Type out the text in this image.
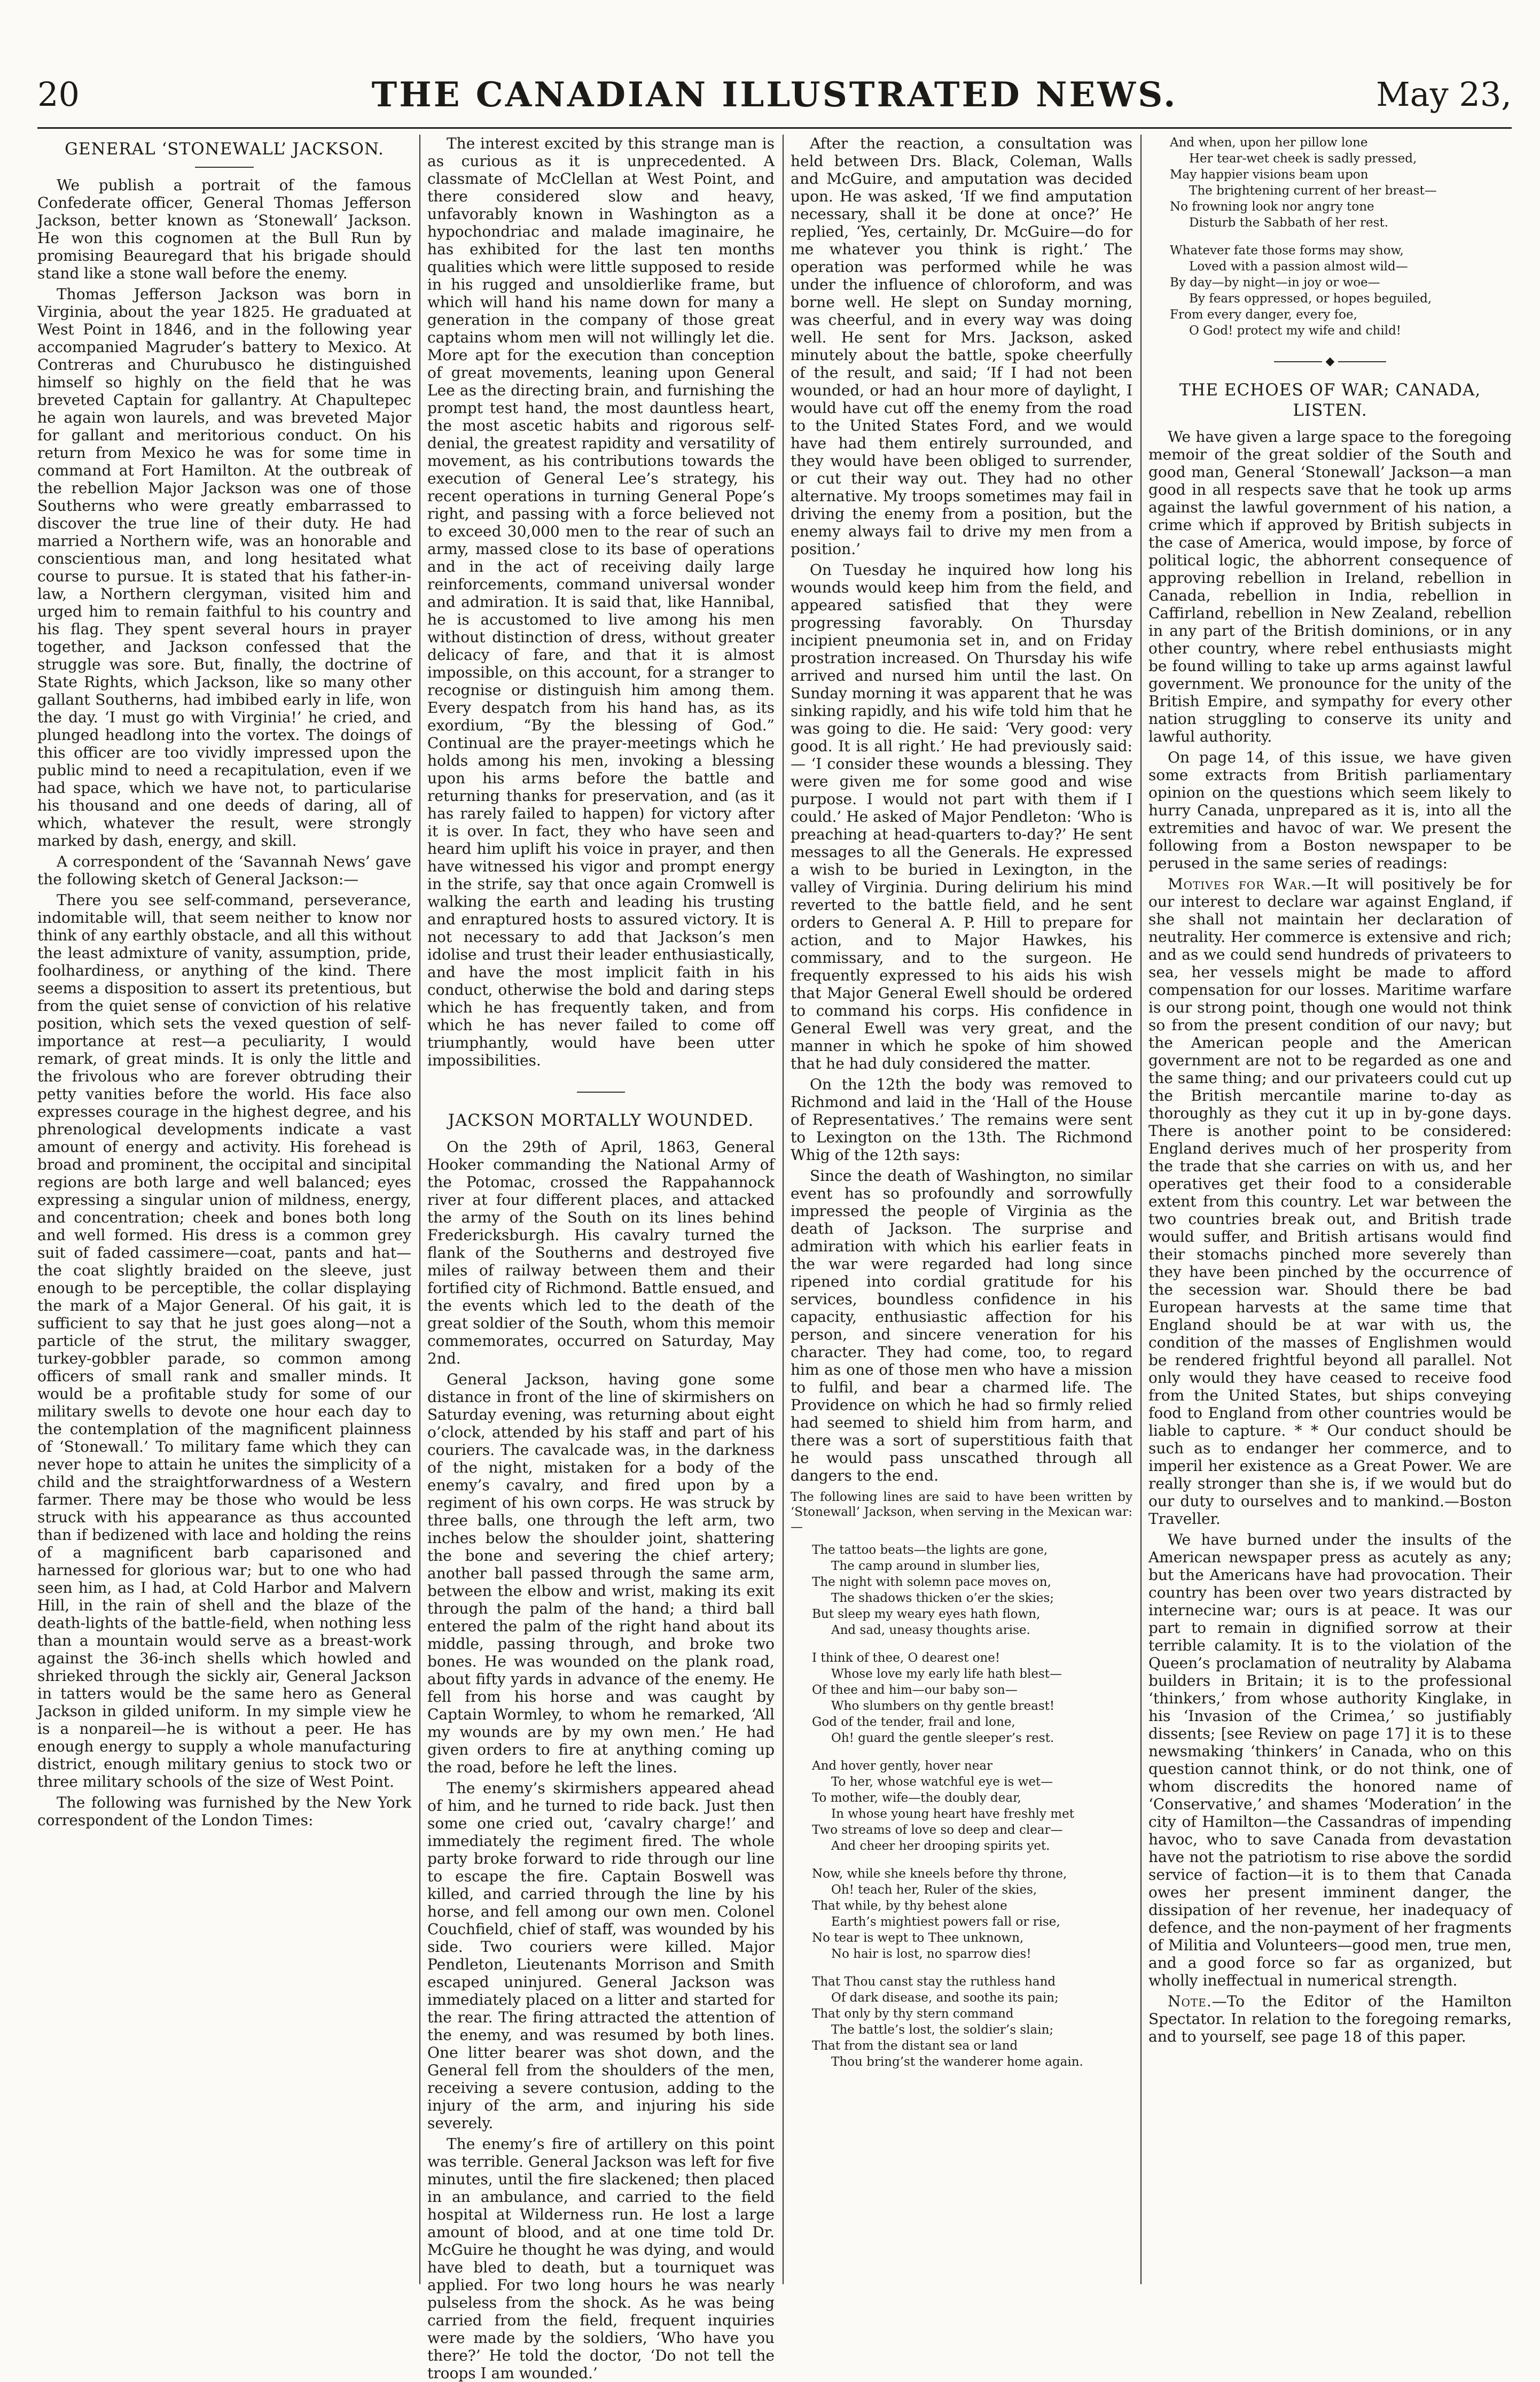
20	THE CANADIAN ILLUSTRATED NEWS.	May 23,
GENERAL ‘STONEWALL’ JACKSON.

We publish a portrait of the famous Confederate officer, General Thomas Jefferson Jackson, better known as ‘Stonewall’ Jackson. He won this cognomen at the Bull Run by promising Beauregard that his brigade should stand like a stone wall before the enemy.

Thomas Jefferson Jackson was born in Virginia, about the year 1825. He graduated at West Point in 1846, and in the following year accompanied Magruder’s battery to Mexico. At Contreras and Churubusco he distinguished himself so highly on the field that he was breveted Captain for gallantry. At Chapultepec he again won laurels, and was breveted Major for gallant and meritorious conduct. On his return from Mexico he was for some time in command at Fort Hamilton. At the outbreak of the rebellion Major Jackson was one of those Southerns who were greatly embarrassed to discover the true line of their duty. He had married a Northern wife, was an honorable and conscientious man, and long hesitated what course to pursue. It is stated that his father-in-law, a Northern clergyman, visited him and urged him to remain faithful to his country and his flag. They spent several hours in prayer together, and Jackson confessed that the struggle was sore. But, finally, the doctrine of State Rights, which Jackson, like so many other gallant Southerns, had imbibed early in life, won the day. ‘I must go with Virginia!’ he cried, and plunged headlong into the vortex. The doings of this officer are too vividly impressed upon the public mind to need a recapitulation, even if we had space, which we have not, to particularise his thousand and one deeds of daring, all of which, whatever the result, were strongly marked by dash, energy, and skill.

A correspondent of the ‘Savannah News’ gave the following sketch of General Jackson:—

There you see self-command, perseverance, indomitable will, that seem neither to know nor think of any earthly obstacle, and all this without the least admixture of vanity, assumption, pride, foolhardiness, or anything of the kind. There seems a disposition to assert its pretentious, but from the quiet sense of conviction of his relative position, which sets the vexed question of self-importance at rest—a peculiarity, I would remark, of great minds. It is only the little and the frivolous who are forever obtruding their petty vanities before the world. His face also expresses courage in the highest degree, and his phrenological developments indicate a vast amount of energy and activity. His forehead is broad and prominent, the occipital and sincipital regions are both large and well balanced; eyes expressing a singular union of mildness, energy, and concentration; cheek and bones both long and well formed. His dress is a common grey suit of faded cassimere—coat, pants and hat—the coat slightly braided on the sleeve, just enough to be perceptible, the collar displaying the mark of a Major General. Of his gait, it is sufficient to say that he just goes along—not a particle of the strut, the military swagger, turkey-gobbler parade, so common among officers of small rank and smaller minds. It would be a profitable study for some of our military swells to devote one hour each day to the contemplation of the magnificent plainness of ‘Stonewall.’ To military fame which they can never hope to attain he unites the simplicity of a child and the straightforwardness of a Western farmer. There may be those who would be less struck with his appearance as thus accounted than if bedizened with lace and holding the reins of a magnificent barb caparisoned and harnessed for glorious war; but to one who had seen him, as I had, at Cold Harbor and Malvern Hill, in the rain of shell and the blaze of the death-lights of the battle-field, when nothing less than a mountain would serve as a breast-work against the 36-inch shells which howled and shrieked through the sickly air, General Jackson in tatters would be the same hero as General Jackson in gilded uniform. In my simple view he is a nonpareil—he is without a peer. He has enough energy to supply a whole manufacturing district, enough military genius to stock two or three military schools of the size of West Point.

The following was furnished by the New York correspondent of the London Times:

The interest excited by this strange man is as curious as it is unprecedented. A classmate of McClellan at West Point, and there considered slow and heavy, unfavorably known in Washington as a hypochondriac and malade imaginaire, he has exhibited for the last ten months qualities which were little supposed to reside in his rugged and unsoldierlike frame, but which will hand his name down for many a generation in the company of those great captains whom men will not willingly let die. More apt for the execution than conception of great movements, leaning upon General Lee as the directing brain, and furnishing the prompt test hand, the most dauntless heart, the most ascetic habits and rigorous self-denial, the greatest rapidity and versatility of movement, as his contributions towards the execution of General Lee’s strategy, his recent operations in turning General Pope’s right, and passing with a force believed not to exceed 30,000 men to the rear of such an army, massed close to its base of operations and in the act of receiving daily large reinforcements, command universal wonder and admiration. It is said that, like Hannibal, he is accustomed to live among his men without distinction of dress, without greater delicacy of fare, and that it is almost impossible, on this account, for a stranger to recognise or distinguish him among them. Every despatch from his hand has, as its exordium, “By the blessing of God.” Continual are the prayer-meetings which he holds among his men, invoking a blessing upon his arms before the battle and returning thanks for preservation, and (as it has rarely failed to happen) for victory after it is over. In fact, they who have seen and heard him uplift his voice in prayer, and then have witnessed his vigor and prompt energy in the strife, say that once again Cromwell is walking the earth and leading his trusting and enraptured hosts to assured victory. It is not necessary to add that Jackson’s men idolise and trust their leader enthusiastically, and have the most implicit faith in his conduct, otherwise the bold and daring steps which he has frequently taken, and from which he has never failed to come off triumphantly, would have been utter impossibilities.

JACKSON MORTALLY WOUNDED.

On the 29th of April, 1863, General Hooker commanding the National Army of the Potomac, crossed the Rappahannock river at four different places, and attacked the army of the South on its lines behind Fredericksburgh. His cavalry turned the flank of the Southerns and destroyed five miles of railway between them and their fortified city of Richmond. Battle ensued, and the events which led to the death of the great soldier of the South, whom this memoir commemorates, occurred on Saturday, May 2nd.

General Jackson, having gone some distance in front of the line of skirmishers on Saturday evening, was returning about eight o’clock, attended by his staff and part of his couriers. The cavalcade was, in the darkness of the night, mistaken for a body of the enemy’s cavalry, and fired upon by a regiment of his own corps. He was struck by three balls, one through the left arm, two inches below the shoulder joint, shattering the bone and severing the chief artery; another ball passed through the same arm, between the elbow and wrist, making its exit through the palm of the hand; a third ball entered the palm of the right hand about its middle, passing through, and broke two bones. He was wounded on the plank road, about fifty yards in advance of the enemy. He fell from his horse and was caught by Captain Wormley, to whom he remarked, ‘All my wounds are by my own men.’ He had given orders to fire at anything coming up the road, before he left the lines.

The enemy’s skirmishers appeared ahead of him, and he turned to ride back. Just then some one cried out, ‘cavalry charge!’ and immediately the regiment fired. The whole party broke forward to ride through our line to escape the fire. Captain Boswell was killed, and carried through the line by his horse, and fell among our own men. Colonel Couchfield, chief of staff, was wounded by his side. Two couriers were killed. Major Pendleton, Lieutenants Morrison and Smith escaped uninjured. General Jackson was immediately placed on a litter and started for the rear. The firing attracted the attention of the enemy, and was resumed by both lines. One litter bearer was shot down, and the General fell from the shoulders of the men, receiving a severe contusion, adding to the injury of the arm, and injuring his side severely.

The enemy’s fire of artillery on this point was terrible. General Jackson was left for five minutes, until the fire slackened; then placed in an ambulance, and carried to the field hospital at Wilderness run. He lost a large amount of blood, and at one time told Dr. McGuire he thought he was dying, and would have bled to death, but a tourniquet was applied. For two long hours he was nearly pulseless from the shock. As he was being carried from the field, frequent inquiries were made by the soldiers, ‘Who have you there?’ He told the doctor, ‘Do not tell the troops I am wounded.’

After the reaction, a consultation was held between Drs. Black, Coleman, Walls and McGuire, and amputation was decided upon. He was asked, ‘If we find amputation necessary, shall it be done at once?’ He replied, ‘Yes, certainly, Dr. McGuire—do for me whatever you think is right.’ The operation was performed while he was under the influence of chloroform, and was borne well. He slept on Sunday morning, was cheerful, and in every way was doing well. He sent for Mrs. Jackson, asked minutely about the battle, spoke cheerfully of the result, and said; ‘If I had not been wounded, or had an hour more of daylight, I would have cut off the enemy from the road to the United States Ford, and we would have had them entirely surrounded, and they would have been obliged to surrender, or cut their way out. They had no other alternative. My troops sometimes may fail in driving the enemy from a position, but the enemy always fail to drive my men from a position.’

On Tuesday he inquired how long his wounds would keep him from the field, and appeared satisfied that they were progressing favorably. On Thursday incipient pneumonia set in, and on Friday prostration increased. On Thursday his wife arrived and nursed him until the last. On Sunday morning it was apparent that he was sinking rapidly, and his wife told him that he was going to die. He said: ‘Very good: very good. It is all right.’ He had previously said:— ‘I consider these wounds a blessing. They were given me for some good and wise purpose. I would not part with them if I could.’ He asked of Major Pendleton: ‘Who is preaching at head-quarters to-day?’ He sent messages to all the Generals. He expressed a wish to be buried in Lexington, in the valley of Virginia. During delirium his mind reverted to the battle field, and he sent orders to General A. P. Hill to prepare for action, and to Major Hawkes, his commissary, and to the surgeon. He frequently expressed to his aids his wish that Major General Ewell should be ordered to command his corps. His confidence in General Ewell was very great, and the manner in which he spoke of him showed that he had duly considered the matter.

On the 12th the body was removed to Richmond and laid in the ‘Hall of the House of Representatives.’ The remains were sent to Lexington on the 13th. The Richmond Whig of the 12th says:

Since the death of Washington, no similar event has so profoundly and sorrowfully impressed the people of Virginia as the death of Jackson. The surprise and admiration with which his earlier feats in the war were regarded had long since ripened into cordial gratitude for his services, boundless confidence in his capacity, enthusiastic affection for his person, and sincere veneration for his character. They had come, too, to regard him as one of those men who have a mission to fulfil, and bear a charmed life. The Providence on which he had so firmly relied had seemed to shield him from harm, and there was a sort of superstitious faith that he would pass unscathed through all dangers to the end.

The following lines are said to have been written by ‘Stonewall’ Jackson, when serving in the Mexican war:—

The tattoo beats—the lights are gone,
The camp around in slumber lies,
The night with solemn pace moves on,
The shadows thicken o’er the skies;
But sleep my weary eyes hath flown,
And sad, uneasy thoughts arise.
I think of thee, O dearest one!
Whose love my early life hath blest—
Of thee and him—our baby son—
Who slumbers on thy gentle breast!
God of the tender, frail and lone,
Oh! guard the gentle sleeper’s rest.
And hover gently, hover near
To her, whose watchful eye is wet—
To mother, wife—the doubly dear,
In whose young heart have freshly met
Two streams of love so deep and clear—
And cheer her drooping spirits yet.
Now, while she kneels before thy throne,
Oh! teach her, Ruler of the skies,
That while, by thy behest alone
Earth’s mightiest powers fall or rise,
No tear is wept to Thee unknown,
No hair is lost, no sparrow dies!
That Thou canst stay the ruthless hand
Of dark disease, and soothe its pain;
That only by thy stern command
The battle’s lost, the soldier’s slain;
That from the distant sea or land
Thou bring’st the wanderer home again.
And when, upon her pillow lone
Her tear-wet cheek is sadly pressed,
May happier visions beam upon
The brightening current of her breast—
No frowning look nor angry tone
Disturb the Sabbath of her rest.
Whatever fate those forms may show,
Loved with a passion almost wild—
By day—by night—in joy or woe—
By fears oppressed, or hopes beguiled,
From every danger, every foe,
O God! protect my wife and child!
◆
THE ECHOES OF WAR; CANADA, LISTEN.

We have given a large space to the foregoing memoir of the great soldier of the South and good man, General ‘Stonewall’ Jackson—a man good in all respects save that he took up arms against the lawful government of his nation, a crime which if approved by British subjects in the case of America, would impose, by force of political logic, the abhorrent consequence of approving rebellion in Ireland, rebellion in Canada, rebellion in India, rebellion in Caffirland, rebellion in New Zealand, rebellion in any part of the British dominions, or in any other country, where rebel enthusiasts might be found willing to take up arms against lawful government. We pronounce for the unity of the British Empire, and sympathy for every other nation struggling to conserve its unity and lawful authority.

On page 14, of this issue, we have given some extracts from British parliamentary opinion on the questions which seem likely to hurry Canada, unprepared as it is, into all the extremities and havoc of war. We present the following from a Boston newspaper to be perused in the same series of readings:

Motives for War.—It will positively be for our interest to declare war against England, if she shall not maintain her declaration of neutrality. Her commerce is extensive and rich; and as we could send hundreds of privateers to sea, her vessels might be made to afford compensation for our losses. Maritime warfare is our strong point, though one would not think so from the present condition of our navy; but the American people and the American government are not to be regarded as one and the same thing; and our privateers could cut up the British mercantile marine to-day as thoroughly as they cut it up in by-gone days. There is another point to be considered: England derives much of her prosperity from the trade that she carries on with us, and her operatives get their food to a considerable extent from this country. Let war between the two countries break out, and British trade would suffer, and British artisans would find their stomachs pinched more severely than they have been pinched by the occurrence of the secession war. Should there be bad European harvests at the same time that England should be at war with us, the condition of the masses of Englishmen would be rendered frightful beyond all parallel. Not only would they have ceased to receive food from the United States, but ships conveying food to England from other countries would be liable to capture. * * Our conduct should be such as to endanger her commerce, and to imperil her existence as a Great Power. We are really stronger than she is, if we would but do our duty to ourselves and to mankind.—Boston Traveller.

We have burned under the insults of the American newspaper press as acutely as any; but the Americans have had provocation. Their country has been over two years distracted by internecine war; ours is at peace. It was our part to remain in dignified sorrow at their terrible calamity. It is to the violation of the Queen’s proclamation of neutrality by Alabama builders in Britain; it is to the professional ‘thinkers,’ from whose authority Kinglake, in his ‘Invasion of the Crimea,’ so justifiably dissents; [see Review on page 17] it is to these newsmaking ‘thinkers’ in Canada, who on this question cannot think, or do not think, one of whom discredits the honored name of ‘Conservative,’ and shames ‘Moderation’ in the city of Hamilton—the Cassandras of impending havoc, who to save Canada from devastation have not the patriotism to rise above the sordid service of faction—it is to them that Canada owes her present imminent danger, the dissipation of her revenue, her inadequacy of defence, and the non-payment of her fragments of Militia and Volunteers—good men, true men, and a good force so far as organized, but wholly ineffectual in numerical strength.

Note.—To the Editor of the Hamilton Spectator. In relation to the foregoing remarks, and to yourself, see page 18 of this paper.
